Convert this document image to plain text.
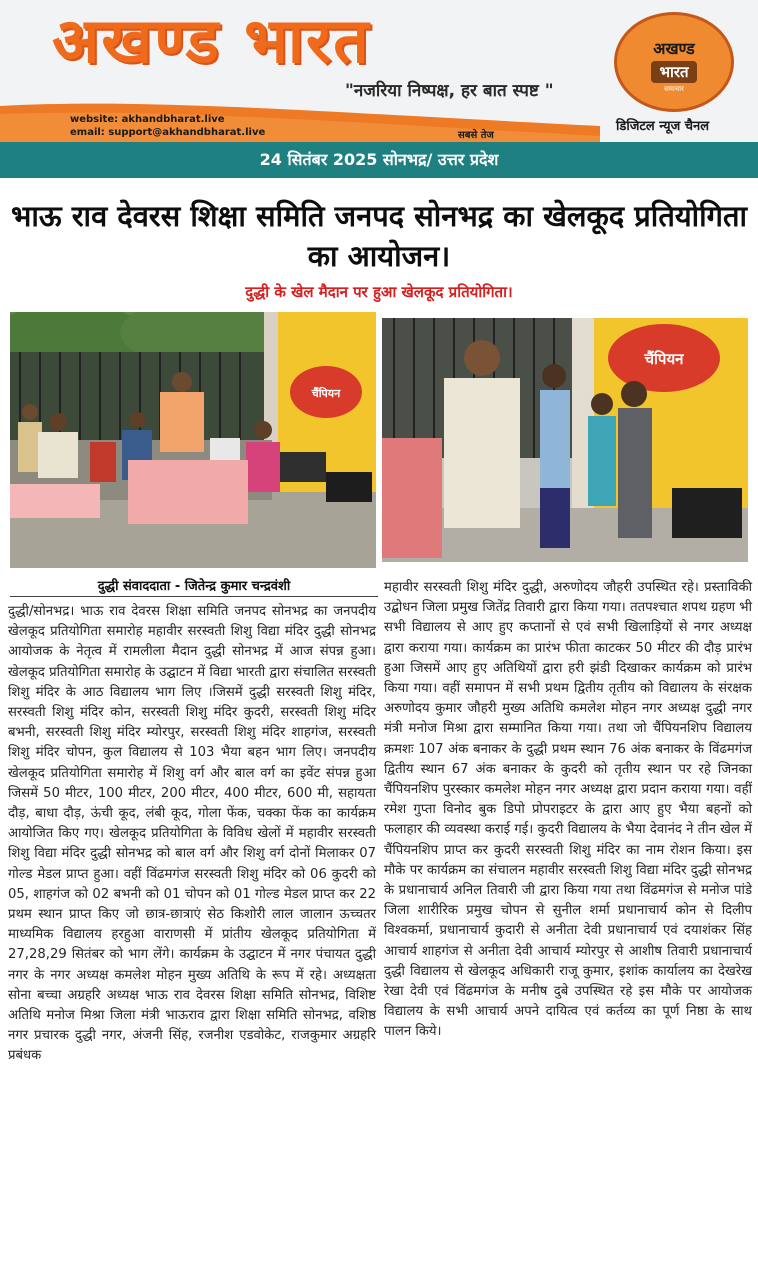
अखण्ड भारत
"नजरिया निष्पक्ष, हर बात स्पष्ट "
website: akhandbharat.live
email: support@akhandbharat.live	सबसे तेज
अखण्ड
भारत
समाचार
डिजिटल न्यूज चैनल
24 सितंबर 2025 सोनभद्र/ उत्तर प्रदेश
भाऊ राव देवरस शिक्षा समिति जनपद सोनभद्र का खेलकूद प्रतियोगिता का आयोजन।
दुद्धी के खेल मैदान पर हुआ खेलकूद प्रतियोगिता।
चैंपियन
चैंपियन
दुद्धी संवाददाता - जितेन्द्र कुमार चन्द्रवंशी
दुद्धी/सोनभद्र। भाऊ राव देवरस शिक्षा समिति जनपद सोनभद्र का जनपदीय खेलकूद प्रतियोगिता समारोह महावीर सरस्वती शिशु विद्या मंदिर दुद्धी सोनभद्र आयोजक के नेतृत्व में रामलीला मैदान दुद्धी सोनभद्र में आज संपन्न हुआ। खेलकूद प्रतियोगिता समारोह के उद्घाटन में विद्या भारती द्वारा संचालित सरस्वती शिशु मंदिर के आठ विद्यालय भाग लिए ।जिसमें दुद्धी सरस्वती शिशु मंदिर, सरस्वती शिशु मंदिर कोन, सरस्वती शिशु मंदिर कुदरी, सरस्वती शिशु मंदिर बभनी, सरस्वती शिशु मंदिर म्योरपुर, सरस्वती शिशु मंदिर शाहगंज, सरस्वती शिशु मंदिर चोपन, कुल विद्यालय से 103 भैया बहन भाग लिए। जनपदीय खेलकूद प्रतियोगिता समारोह में शिशु वर्ग और बाल वर्ग का इवेंट संपन्न हुआ जिसमें 50 मीटर, 100 मीटर, 200 मीटर, 400 मीटर, 600 मी, सहायता दौड़, बाधा दौड़, ऊंची कूद, लंबी कूद, गोला फेंक, चक्का फेंक का कार्यक्रम आयोजित किए गए। खेलकूद प्रतियोगिता के विविध खेलों में महावीर सरस्वती शिशु विद्या मंदिर दुद्धी सोनभद्र को बाल वर्ग और शिशु वर्ग दोनों मिलाकर 07 गोल्ड मेडल प्राप्त हुआ। वहीं विंढमगंज सरस्वती शिशु मंदिर को 06 कुदरी को 05, शाहगंज को 02 बभनी को 01 चोपन को 01 गोल्ड मेडल प्राप्त कर 22 प्रथम स्थान प्राप्त किए जो छात्र-छात्राएं सेठ किशोरी लाल जालान ऊच्चतर माध्यमिक विद्यालय हरहुआ वाराणसी में प्रांतीय खेलकूद प्रतियोगिता में 27,28,29 सितंबर को भाग लेंगे। कार्यक्रम के उद्घाटन में नगर पंचायत दुद्धी नगर के नगर अध्यक्ष कमलेश मोहन मुख्य अतिथि के रूप में रहे। अध्यक्षता सोना बच्चा अग्रहरि अध्यक्ष भाऊ राव देवरस शिक्षा समिति सोनभद्र, विशिष्ट अतिथि मनोज मिश्रा जिला मंत्री भाऊराव द्वारा शिक्षा समिति सोनभद्र, वशिष्ठ नगर प्रचारक दुद्धी नगर, अंजनी सिंह, रजनीश एडवोकेट, राजकुमार अग्रहरि प्रबंधक
महावीर सरस्वती शिशु मंदिर दुद्धी, अरुणोदय जौहरी उपस्थित रहे। प्रस्ताविकी उद्बोधन जिला प्रमुख जितेंद्र तिवारी द्वारा किया गया। ततपश्चात शपथ ग्रहण भी सभी विद्यालय से आए हुए कप्तानों से एवं सभी खिलाड़ियों से नगर अध्यक्ष द्वारा कराया गया। कार्यक्रम का प्रारंभ फीता काटकर 50 मीटर की दौड़ प्रारंभ हुआ जिसमें आए हुए अतिथियों द्वारा हरी झंडी दिखाकर कार्यक्रम को प्रारंभ किया गया। वहीं समापन में सभी प्रथम द्वितीय तृतीय को विद्यालय के संरक्षक अरुणोदय कुमार जौहरी मुख्य अतिथि कमलेश मोहन नगर अध्यक्ष दुद्धी नगर मंत्री मनोज मिश्रा द्वारा सम्मानित किया गया। तथा जो चैंपियनशिप विद्यालय क्रमशः 107 अंक बनाकर के दुद्धी प्रथम स्थान 76 अंक बनाकर के विंढमगंज द्वितीय स्थान 67 अंक बनाकर के कुदरी को तृतीय स्थान पर रहे जिनका चैंपियनशिप पुरस्कार कमलेश मोहन नगर अध्यक्ष द्वारा प्रदान कराया गया। वहीं रमेश गुप्ता विनोद बुक डिपो प्रोपराइटर के द्वारा आए हुए भैया बहनों को फलाहार की व्यवस्था कराई गई। कुदरी विद्यालय के भैया देवानंद ने तीन खेल में चैंपियनशिप प्राप्त कर कुदरी सरस्वती शिशु मंदिर का नाम रोशन किया। इस मौके पर कार्यक्रम का संचालन महावीर सरस्वती शिशु विद्या मंदिर दुद्धी सोनभद्र के प्रधानाचार्य अनिल तिवारी जी द्वारा किया गया तथा विंढमगंज से मनोज पांडे जिला शारीरिक प्रमुख चोपन से सुनील शर्मा प्रधानाचार्य कोन से दिलीप विश्वकर्मा, प्रधानाचार्य कुदारी से अनीता देवी प्रधानाचार्य एवं दयाशंकर सिंह आचार्य शाहगंज से अनीता देवी आचार्य म्योरपुर से आशीष तिवारी प्रधानाचार्य दुद्धी विद्यालय से खेलकूद अधिकारी राजू कुमार, इशांक कार्यालय का देखरेख रेखा देवी एवं विंढमगंज के मनीष दुबे उपस्थित रहे इस मौके पर आयोजक विद्यालय के सभी आचार्य अपने दायित्व एवं कर्तव्य का पूर्ण निष्ठा के साथ पालन किये।
